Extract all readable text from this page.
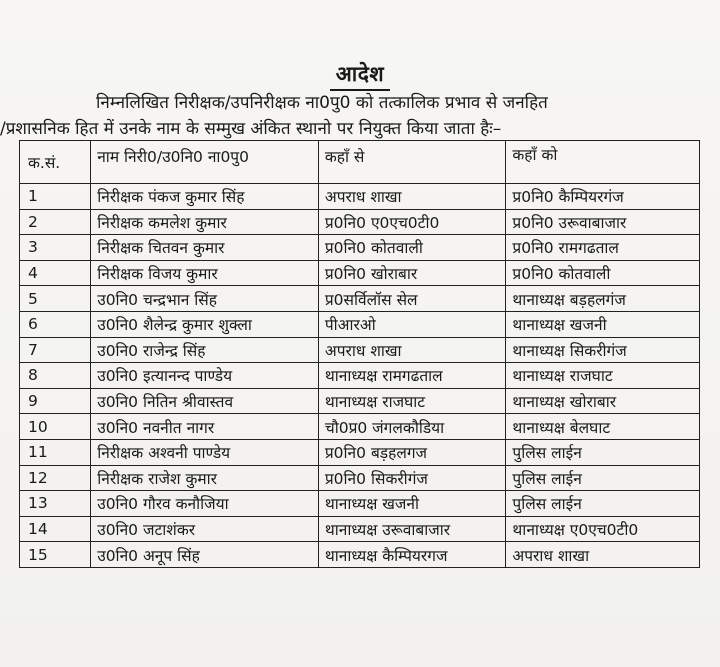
आदेश
निम्नलिखित निरीक्षक/उपनिरीक्षक ना0पु0 को तत्कालिक प्रभाव से जनहित
/प्रशासनिक हित में उनके नाम के सम्मुख अंकित स्थानो पर नियुक्त किया जाता हैः–
क.सं.	नाम निरी0/उ0नि0 ना0पु0	कहाँ से	कहाँ को
1	निरीक्षक पंकज कुमार सिंह	अपराध शाखा	प्र0नि0 कैम्पियरगंज
2	निरीक्षक कमलेश कुमार	प्र0नि0 ए0एच0टी0	प्र0नि0 उरूवाबाजार
3	निरीक्षक चितवन कुमार	प्र0नि0 कोतवाली	प्र0नि0 रामगढताल
4	निरीक्षक विजय कुमार	प्र0नि0 खोराबार	प्र0नि0 कोतवाली
5	उ0नि0 चन्द्रभान सिंह	प्र0सर्विलॉस सेल	थानाध्यक्ष बड़हलगंज
6	उ0नि0 शैलेन्द्र कुमार शुक्ला	पीआरओ	थानाध्यक्ष खजनी
7	उ0नि0 राजेन्द्र सिंह	अपराध शाखा	थानाध्यक्ष सिकरीगंज
8	उ0नि0 इत्यानन्द पाण्डेय	थानाध्यक्ष रामगढताल	थानाध्यक्ष राजघाट
9	उ0नि0 नितिन श्रीवास्तव	थानाध्यक्ष राजघाट	थानाध्यक्ष खोराबार
10	उ0नि0 नवनीत नागर	चौ0प्र0 जंगलकौडिया	थानाध्यक्ष बेलघाट
11	निरीक्षक अश्वनी पाण्डेय	प्र0नि0 बड़हलगज	पुलिस लाईन
12	निरीक्षक राजेश कुमार	प्र0नि0 सिकरीगंज	पुलिस लाईन
13	उ0नि0 गौरव कनौजिया	थानाध्यक्ष खजनी	पुलिस लाईन
14	उ0नि0 जटाशंकर	थानाध्यक्ष उरूवाबाजार	थानाध्यक्ष ए0एच0टी0
15	उ0नि0 अनूप सिंह	थानाध्यक्ष कैम्पियरगज	अपराध शाखा
